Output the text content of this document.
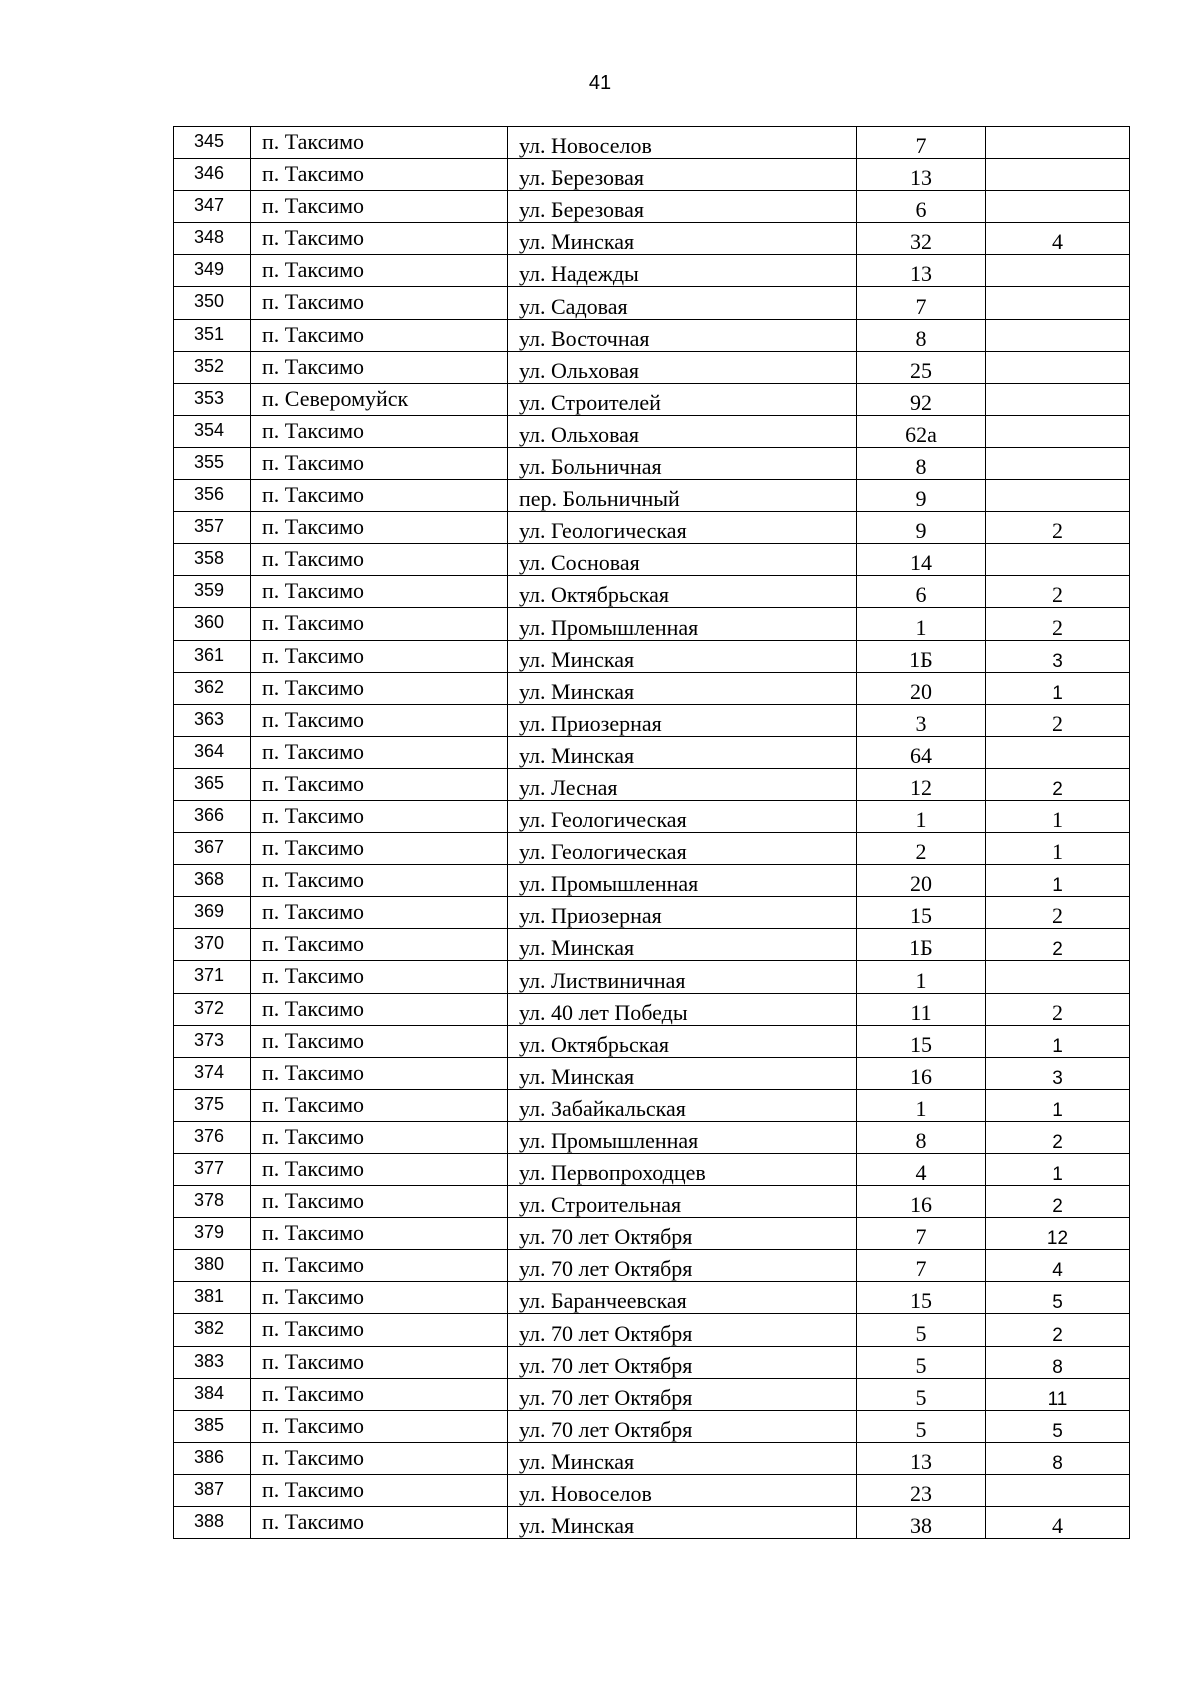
41
345	п. Таксимо	ул. Новоселов	7	
346	п. Таксимо	ул. Березовая	13	
347	п. Таксимо	ул. Березовая	6	
348	п. Таксимо	ул. Минская	32	4
349	п. Таксимо	ул. Надежды	13	
350	п. Таксимо	ул. Садовая	7	
351	п. Таксимо	ул. Восточная	8	
352	п. Таксимо	ул. Ольховая	25	
353	п. Северомуйск	ул. Строителей	92	
354	п. Таксимо	ул. Ольховая	62а	
355	п. Таксимо	ул. Больничная	8	
356	п. Таксимо	пер. Больничный	9	
357	п. Таксимо	ул. Геологическая	9	2
358	п. Таксимо	ул. Сосновая	14	
359	п. Таксимо	ул. Октябрьская	6	2
360	п. Таксимо	ул. Промышленная	1	2
361	п. Таксимо	ул. Минская	1Б	3
362	п. Таксимо	ул. Минская	20	1
363	п. Таксимо	ул. Приозерная	3	2
364	п. Таксимо	ул. Минская	64	
365	п. Таксимо	ул. Лесная	12	2
366	п. Таксимо	ул. Геологическая	1	1
367	п. Таксимо	ул. Геологическая	2	1
368	п. Таксимо	ул. Промышленная	20	1
369	п. Таксимо	ул. Приозерная	15	2
370	п. Таксимо	ул. Минская	1Б	2
371	п. Таксимо	ул. Листвиничная	1	
372	п. Таксимо	ул. 40 лет Победы	11	2
373	п. Таксимо	ул. Октябрьская	15	1
374	п. Таксимо	ул. Минская	16	3
375	п. Таксимо	ул. Забайкальская	1	1
376	п. Таксимо	ул. Промышленная	8	2
377	п. Таксимо	ул. Первопроходцев	4	1
378	п. Таксимо	ул. Строительная	16	2
379	п. Таксимо	ул. 70 лет Октября	7	12
380	п. Таксимо	ул. 70 лет Октября	7	4
381	п. Таксимо	ул. Баранчеевская	15	5
382	п. Таксимо	ул. 70 лет Октября	5	2
383	п. Таксимо	ул. 70 лет Октября	5	8
384	п. Таксимо	ул. 70 лет Октября	5	11
385	п. Таксимо	ул. 70 лет Октября	5	5
386	п. Таксимо	ул. Минская	13	8
387	п. Таксимо	ул. Новоселов	23	
388	п. Таксимо	ул. Минская	38	4
